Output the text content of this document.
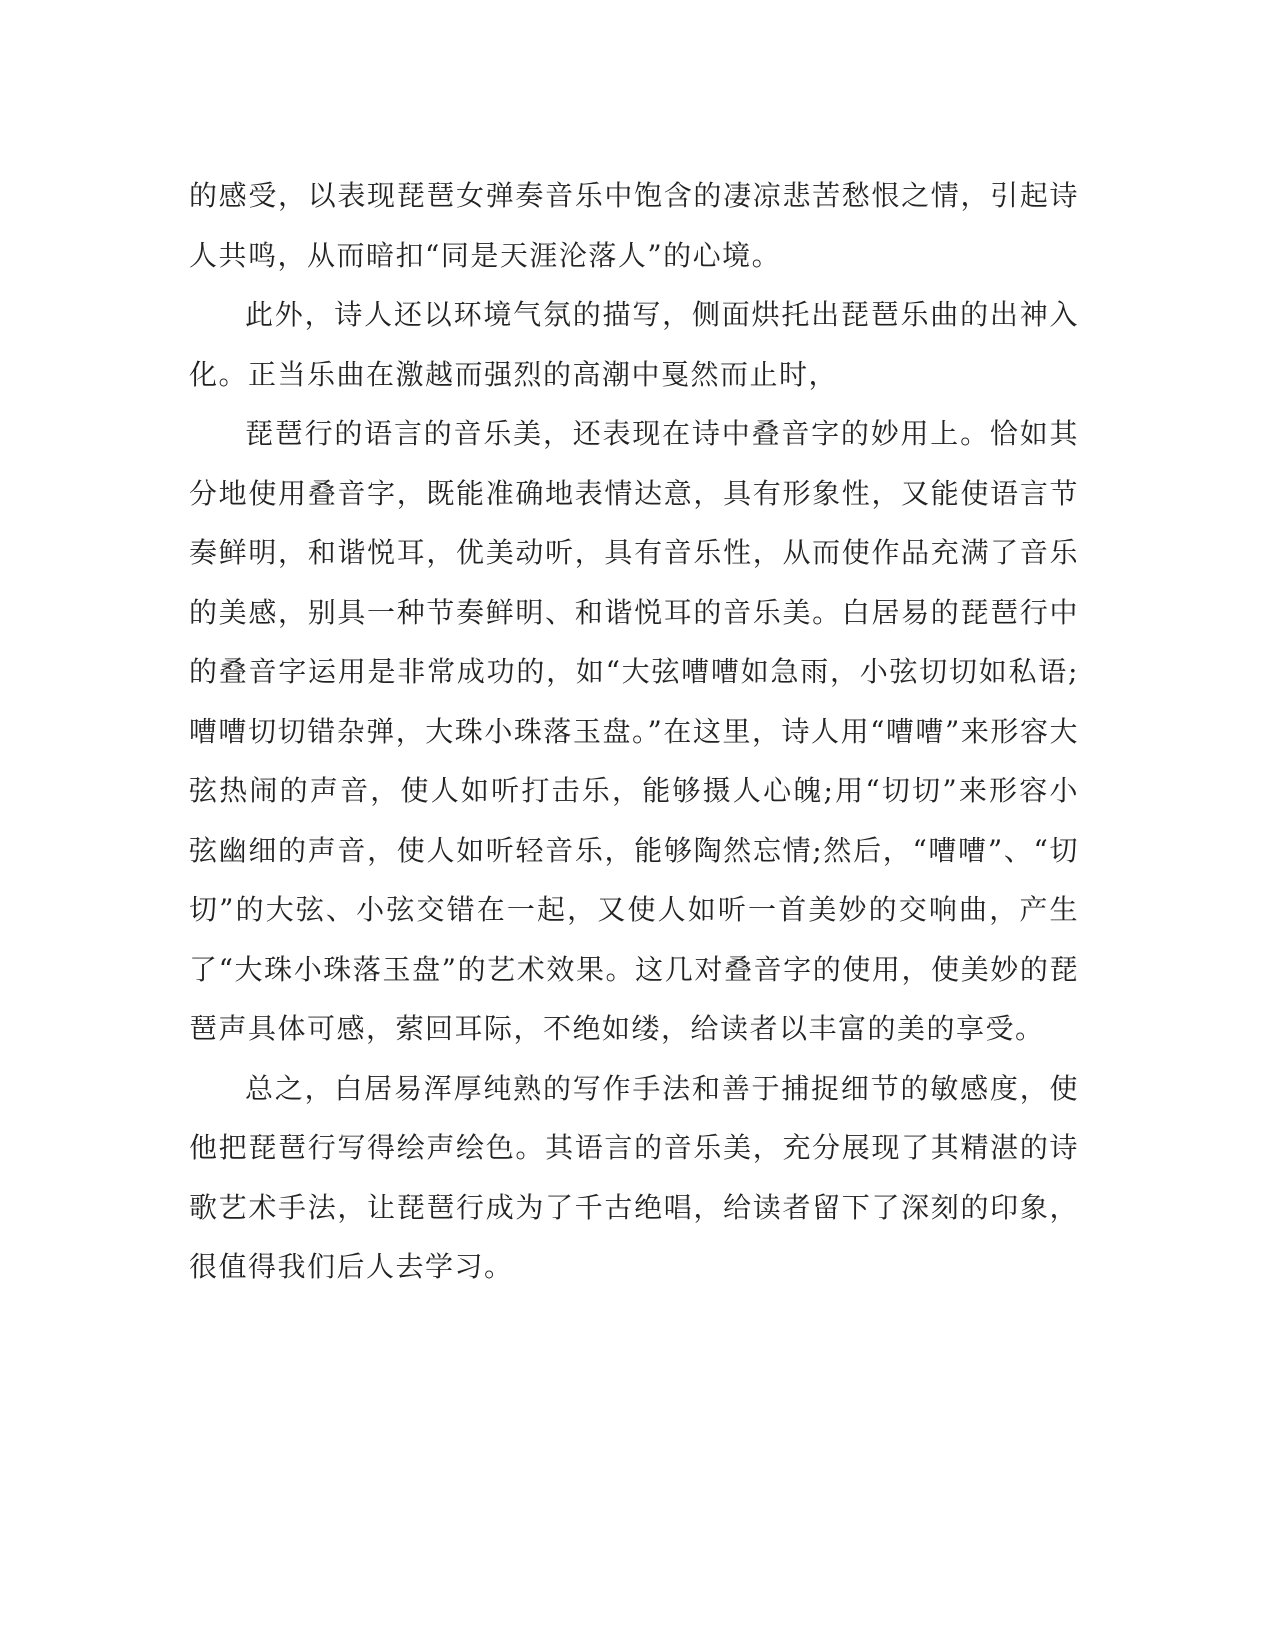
的感受，以表现琵琶女弹奏音乐中饱含的凄凉悲苦愁恨之情，引起诗人共鸣，从而暗扣“同是天涯沦落人”的心境。

此外，诗人还以环境气氛的描写，侧面烘托出琵琶乐曲的出神入化。正当乐曲在激越而强烈的高潮中戛然而止时，

琵琶行的语言的音乐美，还表现在诗中叠音字的妙用上。恰如其分地使用叠音字，既能准确地表情达意，具有形象性，又能使语言节奏鲜明，和谐悦耳，优美动听，具有音乐性，从而使作品充满了音乐的美感，别具一种节奏鲜明、和谐悦耳的音乐美。白居易的琵琶行中的叠音字运用是非常成功的，如“大弦嘈嘈如急雨，小弦切切如私语;嘈嘈切切错杂弹，大珠小珠落玉盘。”在这里，诗人用“嘈嘈”来形容大弦热闹的声音，使人如听打击乐，能够摄人心魄;用“切切”来形容小弦幽细的声音，使人如听轻音乐，能够陶然忘情;然后，“嘈嘈”、“切切”的大弦、小弦交错在一起，又使人如听一首美妙的交响曲，产生了“大珠小珠落玉盘”的艺术效果。这几对叠音字的使用，使美妙的琵琶声具体可感，萦回耳际，不绝如缕，给读者以丰富的美的享受。

总之，白居易浑厚纯熟的写作手法和善于捕捉细节的敏感度，使他把琵琶行写得绘声绘色。其语言的音乐美，充分展现了其精湛的诗歌艺术手法，让琵琶行成为了千古绝唱，给读者留下了深刻的印象，很值得我们后人去学习。
